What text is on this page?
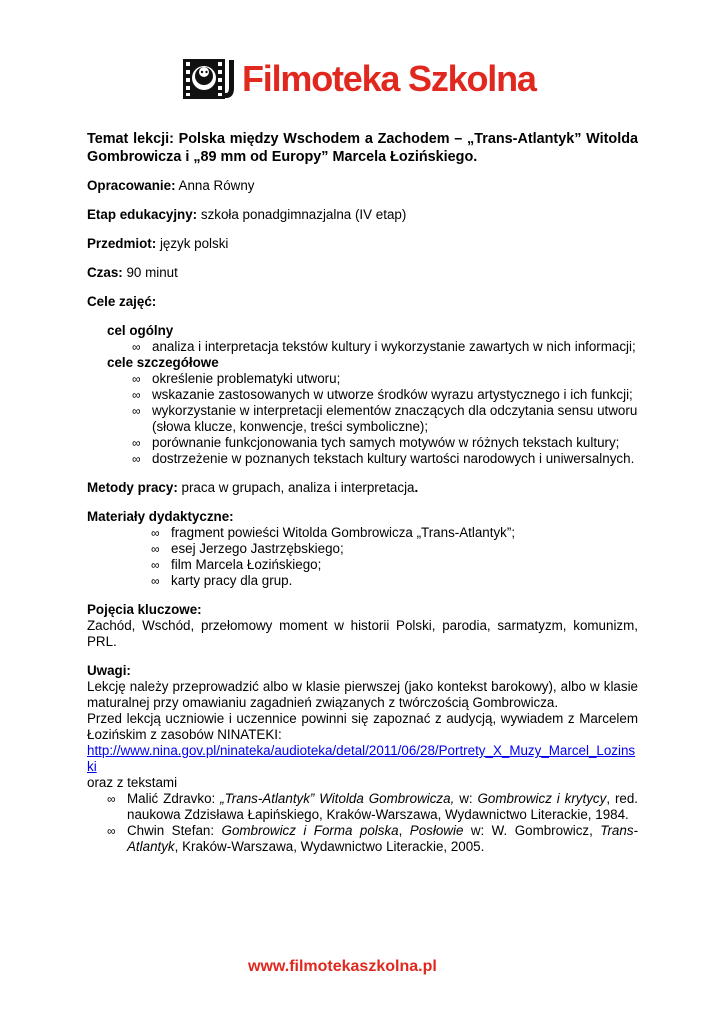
Filmoteka Szkolna

Temat lekcji: Polska między Wschodem a Zachodem – „Trans-Atlantyk” Witolda Gombrowicza i „89 mm od Europy” Marcela Łozińskiego.

Opracowanie: Anna Równy

Etap edukacyjny: szkoła ponadgimnazjalna (IV etap)

Przedmiot: język polski

Czas: 90 minut

Cele zajęć:

cel ogólny

∞ analiza i interpretacja tekstów kultury i wykorzystanie zawartych w nich informacji;

cele szczegółowe

∞ określenie problematyki utworu;
∞ wskazanie zastosowanych w utworze środków wyrazu artystycznego i ich funkcji;
∞ wykorzystanie w interpretacji elementów znaczących dla odczytania sensu utworu (słowa klucze, konwencje, treści symboliczne);
∞ porównanie funkcjonowania tych samych motywów w różnych tekstach kultury;
∞ dostrzeżenie w poznanych tekstach kultury wartości narodowych i uniwersalnych.

Metody pracy: praca w grupach, analiza i interpretacja.

Materiały dydaktyczne:

∞ fragment powieści Witolda Gombrowicza „Trans-Atlantyk”;
∞ esej Jerzego Jastrzębskiego;
∞ film Marcela Łozińskiego;
∞ karty pracy dla grup.

Pojęcia kluczowe:

Zachód, Wschód, przełomowy moment w historii Polski, parodia, sarmatyzm, komunizm, PRL.

Uwagi:

Lekcję należy przeprowadzić albo w klasie pierwszej (jako kontekst barokowy), albo w klasie maturalnej przy omawianiu zagadnień związanych z twórczością Gombrowicza.

Przed lekcją uczniowie i uczennice powinni się zapoznać z audycją, wywiadem z Marcelem Łozińskim z zasobów NINATEKI:

http://www.nina.gov.pl/ninateka/audioteka/detal/2011/06/28/Portrety_X_Muzy_Marcel_Lozinski

oraz z tekstami

∞ Malić Zdravko: „Trans-Atlantyk” Witolda Gombrowicza, w: Gombrowicz i krytycy, red. naukowa Zdzisława Łapińskiego, Kraków-Warszawa, Wydawnictwo Literackie, 1984.
∞ Chwin Stefan: Gombrowicz i Forma polska, Posłowie w: W. Gombrowicz, Trans-Atlantyk, Kraków-Warszawa, Wydawnictwo Literackie, 2005.
www.filmotekaszkolna.pl
